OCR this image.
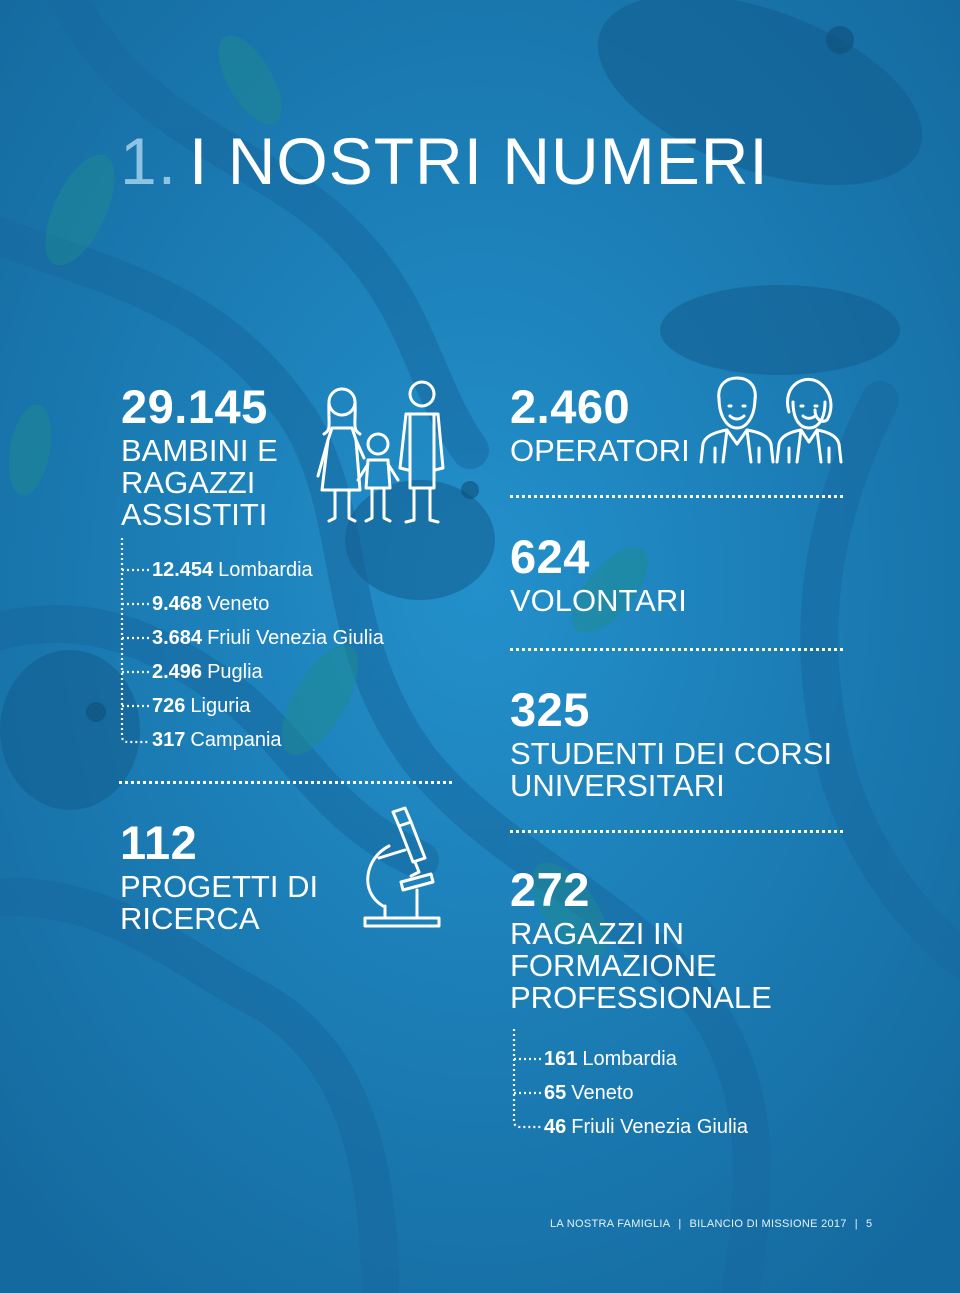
1. I NOSTRI NUMERI
29.145
BAMBINI E
RAGAZZI
ASSISTITI
12.454 Lombardia
9.468 Veneto
3.684 Friuli Venezia Giulia
2.496 Puglia
726 Liguria
317 Campania
112
PROGETTI DI
RICERCA
2.460
OPERATORI
624
VOLONTARI
325
STUDENTI DEI CORSI
UNIVERSITARI
272
RAGAZZI IN
FORMAZIONE
PROFESSIONALE
161 Lombardia
65 Veneto
46 Friuli Venezia Giulia
LA NOSTRA FAMIGLIA | BILANCIO DI MISSIONE 2017 | 5
